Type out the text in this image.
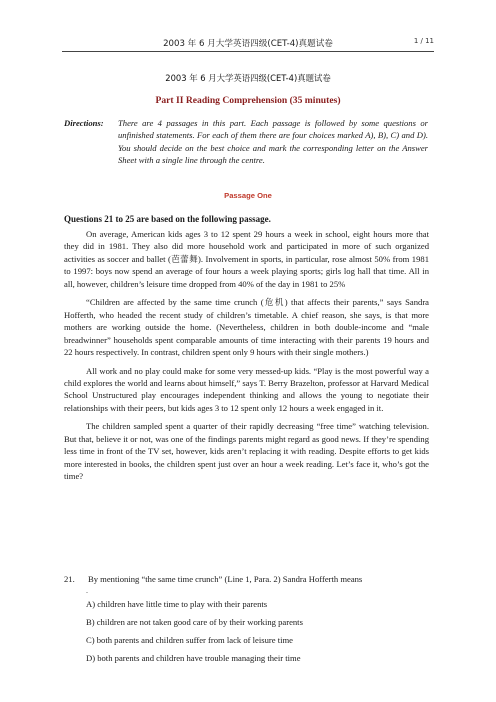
2003 年 6 月大学英语四级(CET-4)真题试卷	1 / 11
2003 年 6 月大学英语四级(CET-4)真题试卷
Part II Reading Comprehension (35 minutes)
Directions: There are 4 passages in this part. Each passage is followed by some questions or unfinished statements. For each of them there are four choices marked A), B), C) and D). You should decide on the best choice and mark the corresponding letter on the Answer Sheet with a single line through the centre.
Passage One
Questions 21 to 25 are based on the following passage.

On average, American kids ages 3 to 12 spent 29 hours a week in school, eight hours more that they did in 1981. They also did more household work and participated in more of such organized activities as soccer and ballet (芭蕾舞). Involvement in sports, in particular, rose almost 50% from 1981 to 1997: boys now spend an average of four hours a week playing sports; girls log hall that time. All in all, however, children’s leisure time dropped from 40% of the day in 1981 to 25%

“Children are affected by the same time crunch (危机) that affects their parents,” says Sandra Hofferth, who headed the recent study of children’s timetable. A chief reason, she says, is that more mothers are working outside the home. (Nevertheless, children in both double-income and “male breadwinner” households spent comparable amounts of time interacting with their parents 19 hours and 22 hours respectively. In contrast, children spent only 9 hours with their single mothers.)

All work and no play could make for some very messed-up kids. “Play is the most powerful way a child explores the world and learns about himself,” says T. Berry Brazelton, professor at Harvard Medical School Unstructured play encourages independent thinking and allows the young to negotiate their relationships with their peers, but kids ages 3 to 12 spent only 12 hours a week engaged in it.

The children sampled spent a quarter of their rapidly decreasing “free time” watching television. But that, believe it or not, was one of the findings parents might regard as good news. If they’re spending less time in front of the TV set, however, kids aren’t replacing it with reading. Despite efforts to get kids more interested in books, the children spent just over an hour a week reading. Let’s face it, who’s got the time?

21.	By mentioning “the same time crunch” (Line 1, Para. 2) Sandra Hofferth means
.
A) children have little time to play with their parents
B) children are not taken good care of by their working parents
C) both parents and children suffer from lack of leisure time
D) both parents and children have trouble managing their time
